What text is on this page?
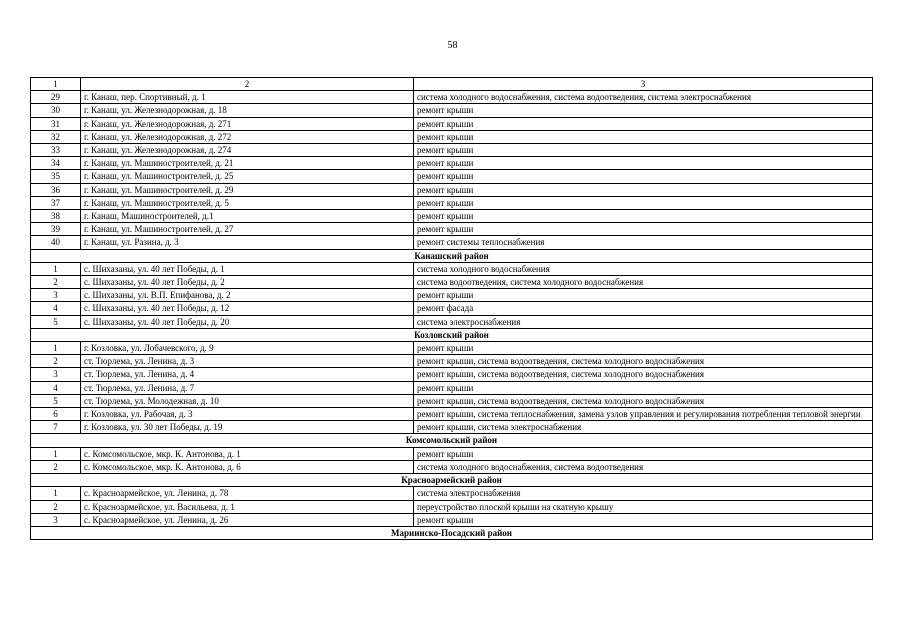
58
1	2	3
29	г. Канаш, пер. Спортивный, д. 1	система холодного водоснабжения, система водоотведения, система электроснабжения
30	г. Канаш, ул. Железнодорожная, д. 18	ремонт крыши
31	г. Канаш, ул. Железнодорожная, д. 271	ремонт крыши
32	г. Канаш, ул. Железнодорожная, д. 272	ремонт крыши
33	г. Канаш, ул. Железнодорожная, д. 274	ремонт крыши
34	г. Канаш, ул. Машиностроителей, д. 21	ремонт крыши
35	г. Канаш, ул. Машиностроителей, д. 25	ремонт крыши
36	г. Канаш, ул. Машиностроителей, д. 29	ремонт крыши
37	г. Канаш, ул. Машиностроителей, д. 5	ремонт крыши
38	г. Канаш, Машиностроителей, д.1	ремонт крыши
39	г. Канаш, ул. Машиностроителей, д. 27	ремонт крыши
40	г. Канаш, ул. Разина, д. 3	ремонт системы теплоснабжения
Канашский район		
1	с. Шихазаны, ул. 40 лет Победы, д. 1	система холодного водоснабжения
2	с. Шихазаны, ул. 40 лет Победы, д. 2	система водоотведения, система холодного водоснабжения
3	с. Шихазаны, ул. В.П. Епифанова, д. 2	ремонт крыши
4	с. Шихазаны, ул. 40 лет Победы, д. 12	ремонт фасада
5	с. Шихазаны, ул. 40 лет Победы, д. 20	система электроснабжения
Козловский район		
1	г. Козловка, ул. Лобачевского, д. 9	ремонт крыши
2	ст. Тюрлема, ул. Ленина, д. 3	ремонт крыши, система водоотведения, система холодного водоснабжения
3	ст. Тюрлема, ул. Ленина, д. 4	ремонт крыши, система водоотведения, система холодного водоснабжения
4	ст. Тюрлема, ул. Ленина, д. 7	ремонт крыши
5	ст. Тюрлема, ул. Молодежная, д. 10	ремонт крыши, система водоотведения, система холодного водоснабжения
6	г. Козловка, ул. Рабочая, д. 3	ремонт крыши, система теплоснабжения, замена узлов управления и регулирования потребления тепловой энергии
7	г. Козловка, ул. 30 лет Победы, д. 19	ремонт крыши, система электроснабжения
Комсомольский район		
1	с. Комсомольское, мкр. К. Антонова, д. 1	ремонт крыши
2	с. Комсомольское, мкр. К. Антонова, д. 6	система холодного водоснабжения, система водоотведения
Красноармейский район		
1	с. Красноармейское, ул. Ленина, д. 78	система электроснабжения
2	с. Красноармейское, ул. Васильева, д. 1	переустройство плоской крыши на скатную крышу
3	с. Красноармейское, ул. Ленина, д. 26	ремонт крыши
Мариинско-Посадский район		
